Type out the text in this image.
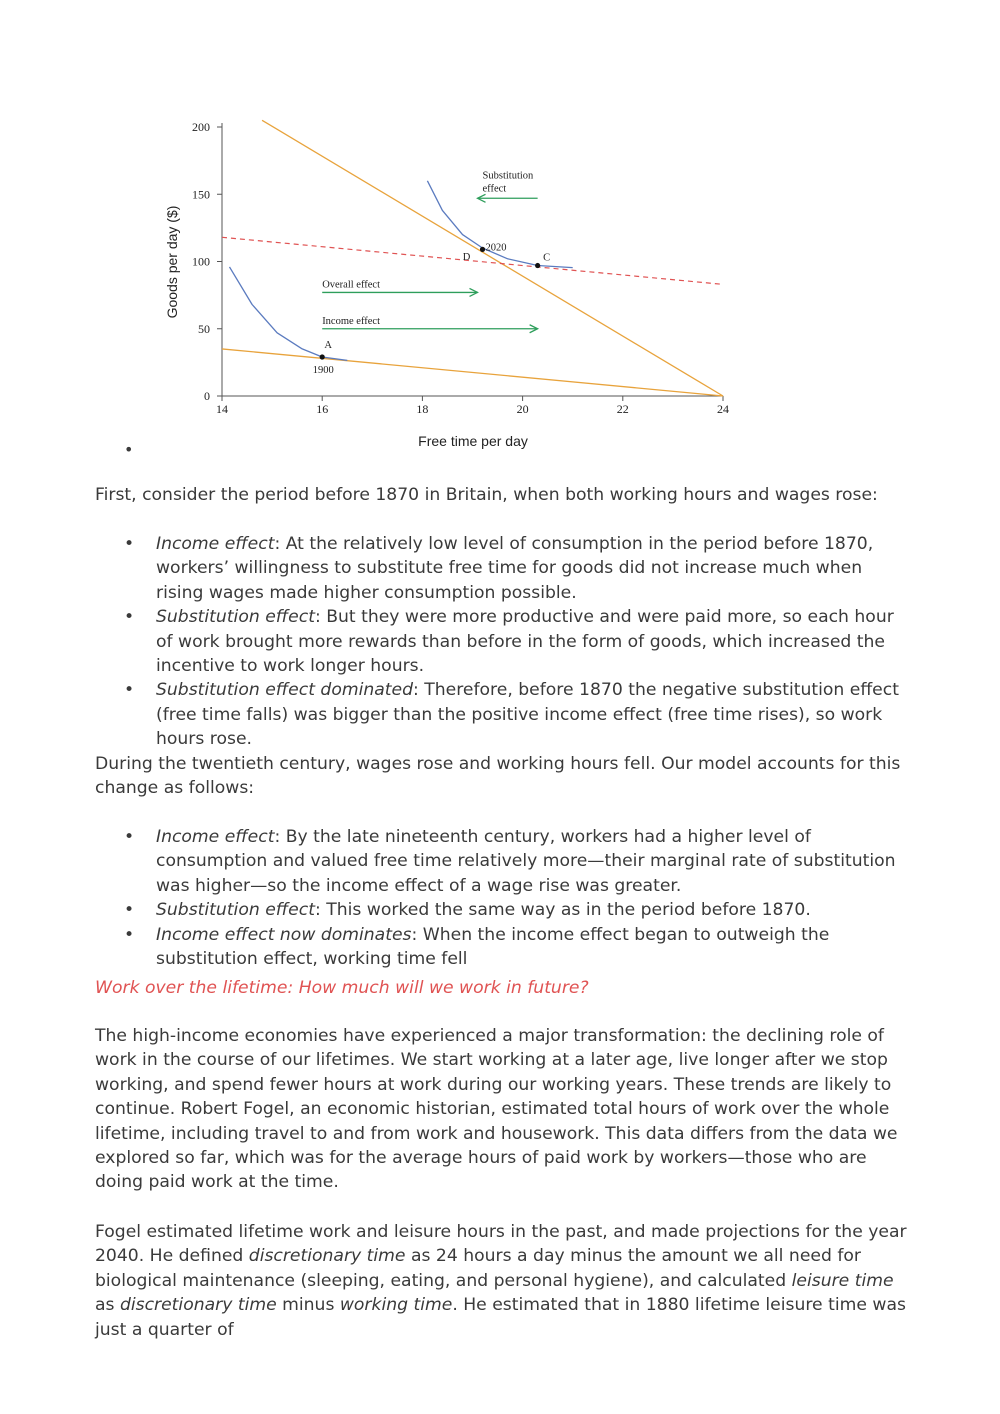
14	16	18	20	22	24
0
50
100
150
200
A
1900
2020
C
D
Substitution
effect
Overall effect
Income effect
Free time per day
Goods per day ($)
•

First, consider the period before 1870 in Britain, when both working hours and wages rose:

• Income effect: At the relatively low level of consumption in the period before 1870, workers’ willingness to substitute free time for goods did not increase much when rising wages made higher consumption possible.
• Substitution effect: But they were more productive and were paid more, so each hour of work brought more rewards than before in the form of goods, which increased the incentive to work longer hours.
• Substitution effect dominated: Therefore, before 1870 the negative substitution effect (free time falls) was bigger than the positive income effect (free time rises), so work hours rose.

During the twentieth century, wages rose and working hours fell. Our model accounts for this change as follows:

• Income effect: By the late nineteenth century, workers had a higher level of consumption and valued free time relatively more—their marginal rate of substitution was higher—so the income effect of a wage rise was greater.
• Substitution effect: This worked the same way as in the period before 1870.
• Income effect now dominates: When the income effect began to outweigh the substitution effect, working time fell

Work over the lifetime: How much will we work in future?

The high-income economies have experienced a major transformation: the declining role of work in the course of our lifetimes. We start working at a later age, live longer after we stop working, and spend fewer hours at work during our working years. These trends are likely to continue. Robert Fogel, an economic historian, estimated total hours of work over the whole lifetime, including travel to and from work and housework. This data differs from the data we explored so far, which was for the average hours of paid work by workers—those who are doing paid work at the time.

Fogel estimated lifetime work and leisure hours in the past, and made projections for the year 2040. He defined discretionary time as 24 hours a day minus the amount we all need for biological maintenance (sleeping, eating, and personal hygiene), and calculated leisure time as discretionary time minus working time. He estimated that in 1880 lifetime leisure time was just a quarter of
